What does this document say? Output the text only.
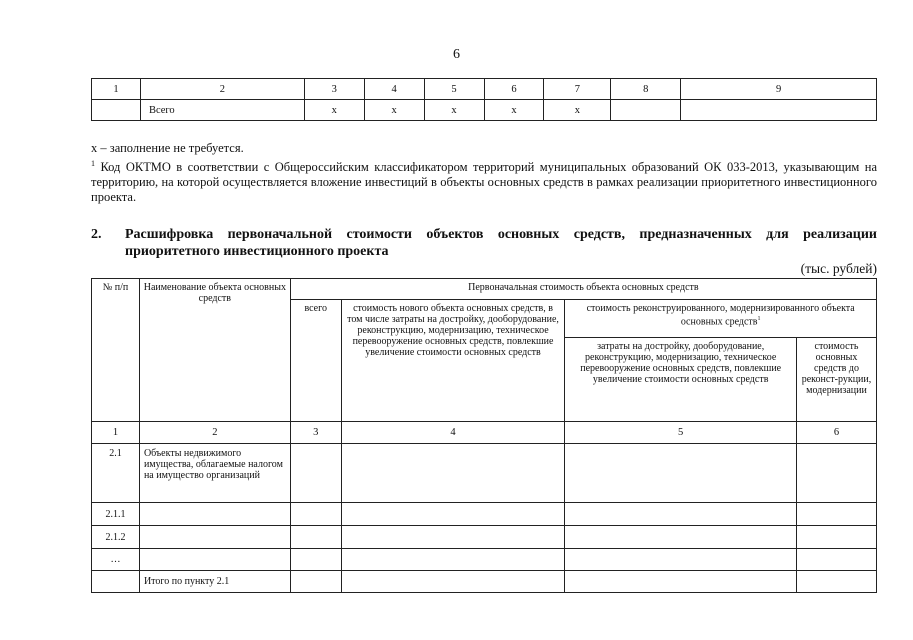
6
1	2	3	4	5	6	7	8	9
	Всего	х	х	х	х	х		

х – заполнение не требуется.

$^1$ Код ОКТМО в соответствии с Общероссийским классификатором территорий муниципальных образований ОК 033-2013, указывающим на территорию, на которой осуществляется вложение инвестиций в объекты основных средств в рамках реализации приоритетного инвестиционного проекта.

2. Расшифровка первоначальной стоимости объектов основных средств, предназначенных для реализации приоритетного инвестиционного проекта
(тыс. рублей)
№ п/п	Наименование объекта основных средств	Первоначальная стоимость объекта основных средств			
		всего	стоимость нового объекта основных средств, в том числе затраты на достройку, дооборудование, реконструкцию, модернизацию, техническое перевооружение основных средств, повлекшие увеличение стоимости основных средств	стоимость реконструированного, модернизированного объекта основных средств$^1$
				затраты на достройку, дооборудование, реконструкцию, модернизацию, техническое перевооружение основных средств, повлекшие увеличение стоимости основных средств	стоимость основных средств до реконст-рукции, модернизации
1	2	3	4	5	6
2.1	Объекты недвижимого имущества, облагаемые налогом на имущество организаций				
2.1.1					
2.1.2					
…					
	Итого по пункту 2.1				
